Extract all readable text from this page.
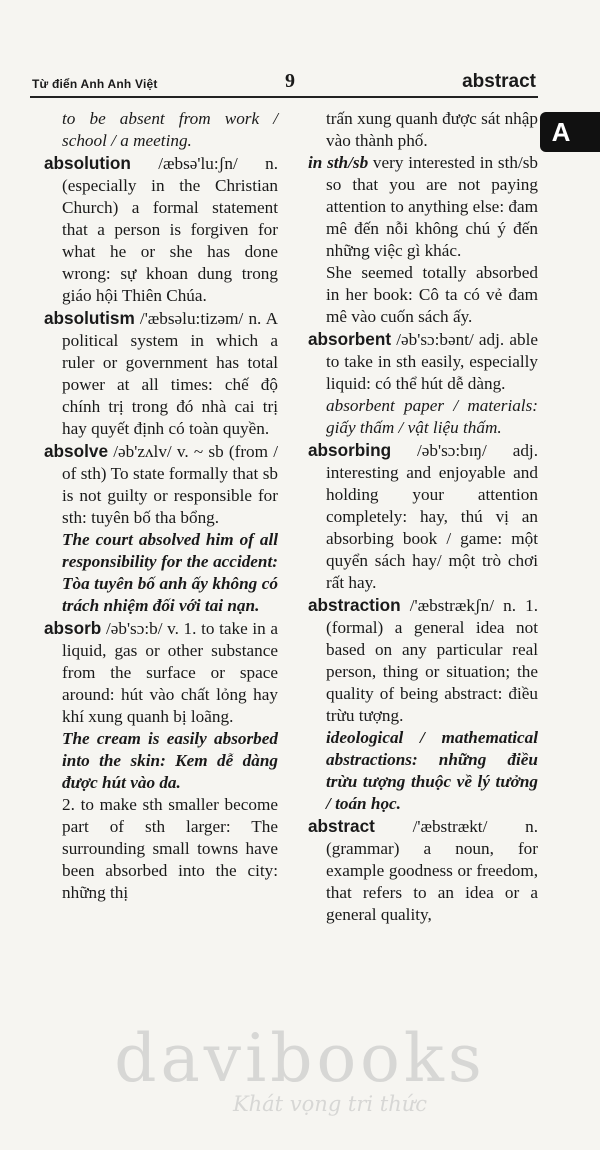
Từ điển Anh Anh Việt	9	abstract
A
to be absent from work / school / a meeting.
absolution /æbsə'lu:ʃn/ n. (especially in the Christian Church) a formal statement that a person is forgiven for what he or she has done wrong: sự khoan dung trong giáo hội Thiên Chúa.
absolutism /'æbsəlu:tizəm/ n. A political system in which a ruler or government has total power at all times: chế độ chính trị trong đó nhà cai trị hay quyết định có toàn quyền.
absolve /əb'zʌlv/ v. ~ sb (from / of sth) To state formally that sb is not guilty or responsible for sth: tuyên bố tha bổng.
The court absolved him of all responsibility for the accident: Tòa tuyên bố anh ấy không có trách nhiệm đối với tai nạn.
absorb /əb'sɔ:b/ v. 1. to take in a liquid, gas or other substance from the surface or space around: hút vào chất lỏng hay khí xung quanh bị loãng.
The cream is easily absorbed into the skin: Kem dễ dàng được hút vào da.
2. to make sth smaller become part of sth larger: The surrounding small towns have been absorbed into the city: những thị
trấn xung quanh được sát nhập vào thành phố.
in sth/sb very interested in sth/sb so that you are not paying attention to anything else: đam mê đến nỗi không chú ý đến những việc gì khác.
She seemed totally absorbed in her book: Cô ta có vẻ đam mê vào cuốn sách ấy.
absorbent /əb'sɔ:bənt/ adj. able to take in sth easily, especially liquid: có thể hút dễ dàng.
absorbent paper / materials: giấy thấm / vật liệu thấm.
absorbing /əb'sɔ:bɪŋ/ adj. interesting and enjoyable and holding your attention completely: hay, thú vị an absorbing book / game: một quyển sách hay/ một trò chơi rất hay.
abstraction /'æbstrækʃn/ n. 1. (formal) a general idea not based on any particular real person, thing or situation; the quality of being abstract: điều trừu tượng.
ideological / mathematical abstractions: những điều trừu tượng thuộc về lý tưởng / toán học.
abstract /'æbstrækt/ n. (grammar) a noun, for example goodness or freedom, that refers to an idea or a general quality,
davibooks
Khát vọng tri thức
